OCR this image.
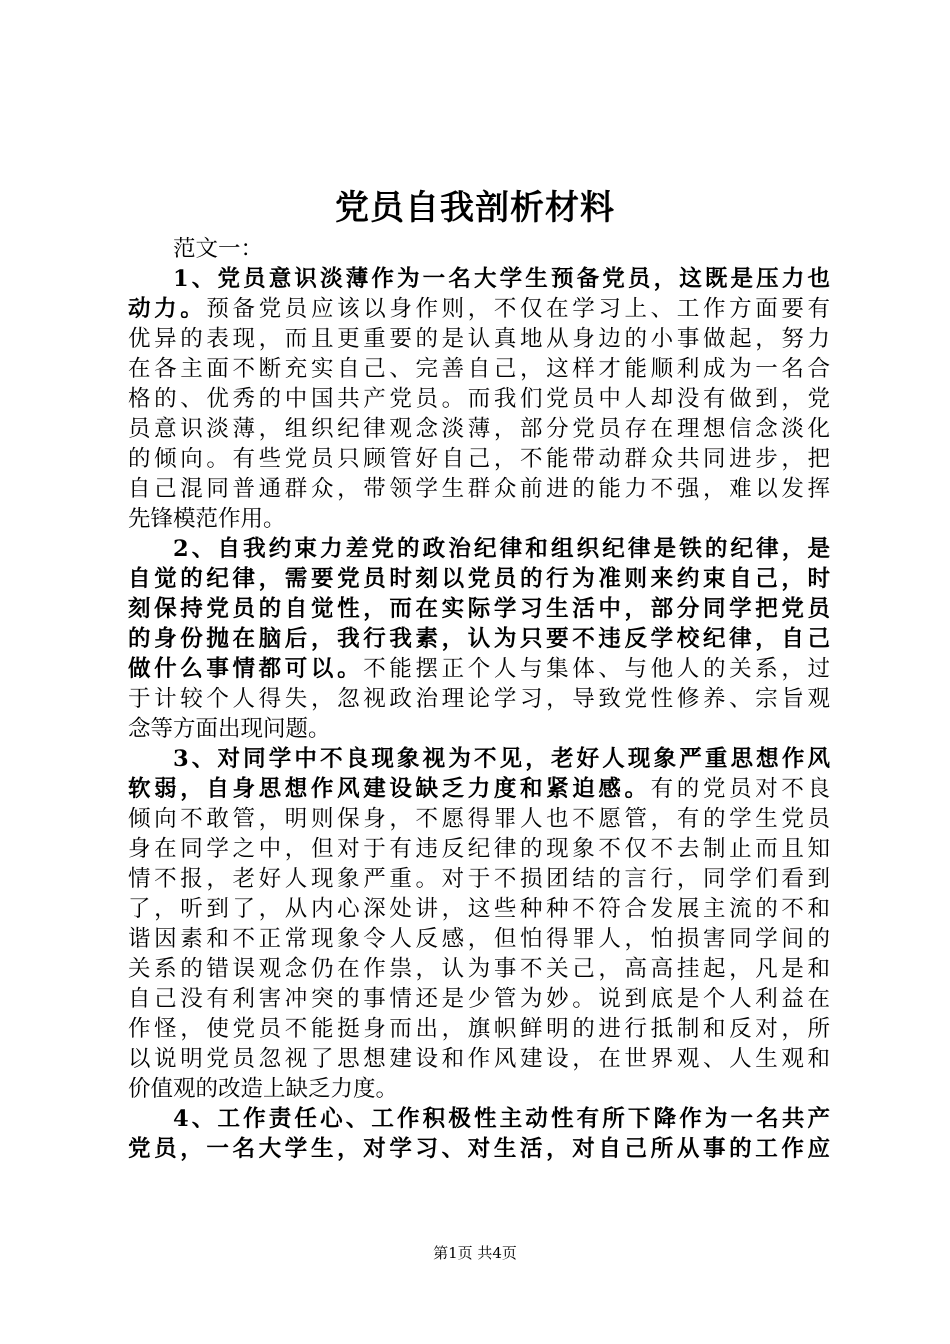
党员自我剖析材料
范文一：
1、党员意识淡薄作为一名大学生预备党员，这既是压力也
动力。预备党员应该以身作则，不仅在学习上、工作方面要有
优异的表现，而且更重要的是认真地从身边的小事做起，努力
在各主面不断充实自己、完善自己，这样才能顺利成为一名合
格的、优秀的中国共产党员。而我们党员中人却没有做到，党
员意识淡薄，组织纪律观念淡薄，部分党员存在理想信念淡化
的倾向。有些党员只顾管好自己，不能带动群众共同进步，把
自己混同普通群众，带领学生群众前进的能力不强，难以发挥
先锋模范作用。
2、自我约束力差党的政治纪律和组织纪律是铁的纪律，是
自觉的纪律，需要党员时刻以党员的行为准则来约束自己，时
刻保持党员的自觉性，而在实际学习生活中，部分同学把党员
的身份抛在脑后，我行我素，认为只要不违反学校纪律，自己
做什么事情都可以。不能摆正个人与集体、与他人的关系，过
于计较个人得失，忽视政治理论学习，导致党性修养、宗旨观
念等方面出现问题。
3、对同学中不良现象视为不见，老好人现象严重思想作风
软弱，自身思想作风建设缺乏力度和紧迫感。有的党员对不良
倾向不敢管，明则保身，不愿得罪人也不愿管，有的学生党员
身在同学之中，但对于有违反纪律的现象不仅不去制止而且知
情不报，老好人现象严重。对于不损团结的言行，同学们看到
了，听到了，从内心深处讲，这些种种不符合发展主流的不和
谐因素和不正常现象令人反感，但怕得罪人，怕损害同学间的
关系的错误观念仍在作祟，认为事不关己，高高挂起，凡是和
自己没有利害冲突的事情还是少管为妙。说到底是个人利益在
作怪，使党员不能挺身而出，旗帜鲜明的进行抵制和反对，所
以说明党员忽视了思想建设和作风建设，在世界观、人生观和
价值观的改造上缺乏力度。
4、工作责任心、工作积极性主动性有所下降作为一名共产
党员，一名大学生，对学习、对生活，对自己所从事的工作应
第1页 共4页
